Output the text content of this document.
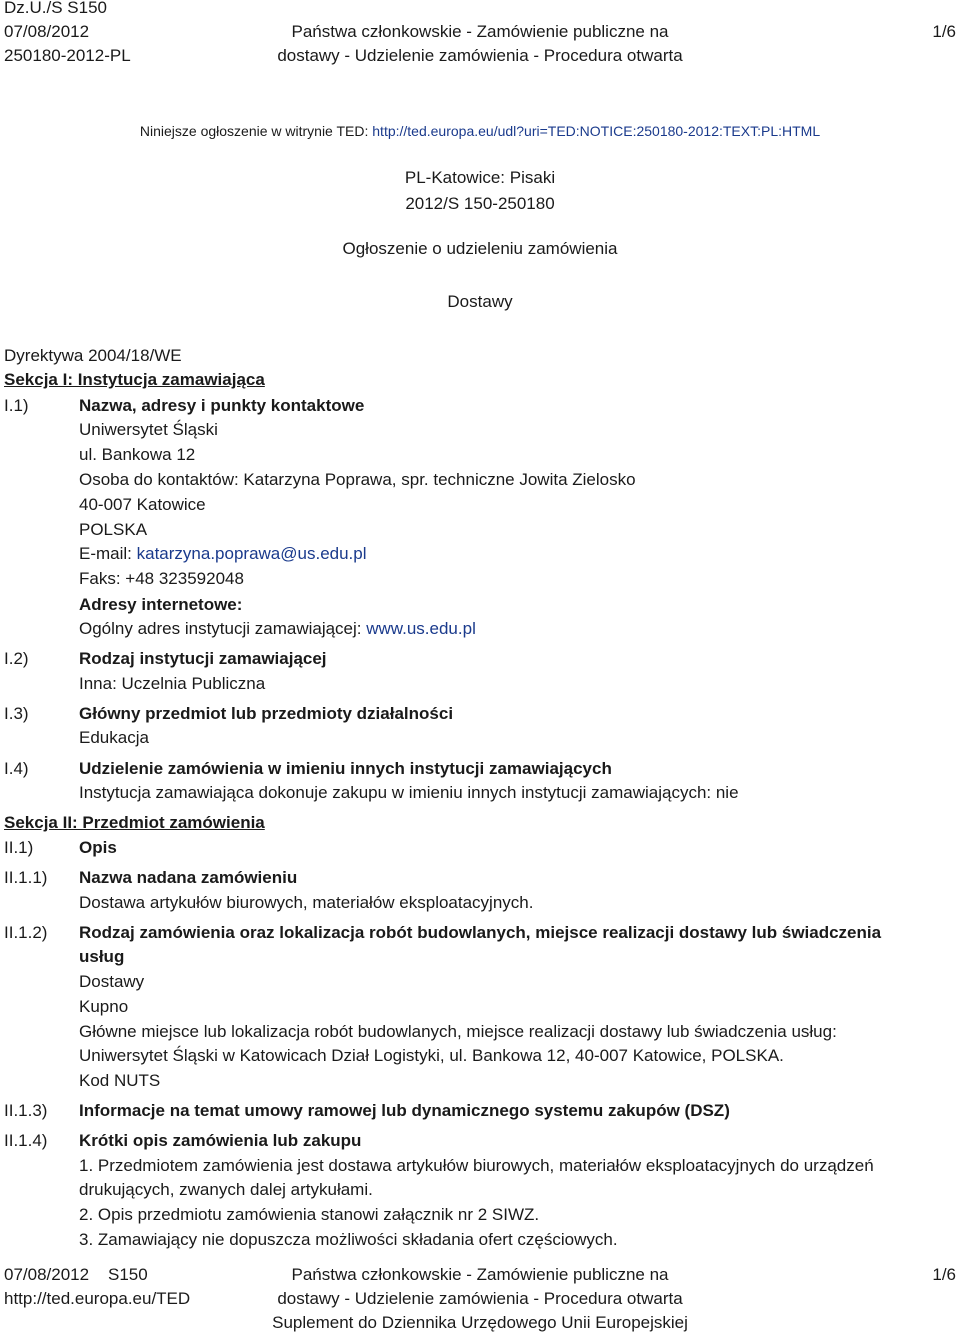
Dz.U./S S150
07/08/2012
250180-2012-PL
Państwa członkowskie - Zamówienie publiczne na
dostawy - Udzielenie zamówienia - Procedura otwarta
1/6
Niniejsze ogłoszenie w witrynie TED: http://ted.europa.eu/udl?uri=TED:NOTICE:250180-2012:TEXT:PL:HTML
PL-Katowice: Pisaki
2012/S 150-250180
Ogłoszenie o udzieleniu zamówienia
Dostawy
Dyrektywa 2004/18/WE
Sekcja I: Instytucja zamawiająca
I.1)	Nazwa, adresy i punkty kontaktowe
Uniwersytet Śląski
ul. Bankowa 12
Osoba do kontaktów: Katarzyna Poprawa, spr. techniczne Jowita Zielosko
40-007 Katowice
POLSKA
E-mail: katarzyna.poprawa@us.edu.pl
Faks: +48 323592048
Adresy internetowe:
Ogólny adres instytucji zamawiającej: www.us.edu.pl
I.2)	Rodzaj instytucji zamawiającej
Inna: Uczelnia Publiczna
I.3)	Główny przedmiot lub przedmioty działalności
Edukacja
I.4)	Udzielenie zamówienia w imieniu innych instytucji zamawiających
Instytucja zamawiająca dokonuje zakupu w imieniu innych instytucji zamawiających: nie
Sekcja II: Przedmiot zamówienia
II.1)	Opis
II.1.1) Nazwa nadana zamówieniu
Dostawa artykułów biurowych, materiałów eksploatacyjnych.
II.1.2) Rodzaj zamówienia oraz lokalizacja robót budowlanych, miejsce realizacji dostawy lub świadczenia
usług
Dostawy
Kupno
Główne miejsce lub lokalizacja robót budowlanych, miejsce realizacji dostawy lub świadczenia usług:
Uniwersytet Śląski w Katowicach Dział Logistyki, ul. Bankowa 12, 40-007 Katowice, POLSKA.
Kod NUTS
II.1.3) Informacje na temat umowy ramowej lub dynamicznego systemu zakupów (DSZ)
II.1.4) Krótki opis zamówienia lub zakupu
1. Przedmiotem zamówienia jest dostawa artykułów biurowych, materiałów eksploatacyjnych do urządzeń
drukujących, zwanych dalej artykułami.
2. Opis przedmiotu zamówienia stanowi załącznik nr 2 SIWZ.
3. Zamawiający nie dopuszcza możliwości składania ofert częściowych.
07/08/2012    S150
http://ted.europa.eu/TED
Państwa członkowskie - Zamówienie publiczne na
dostawy - Udzielenie zamówienia - Procedura otwarta
Suplement do Dziennika Urzędowego Unii Europejskiej
1/6
